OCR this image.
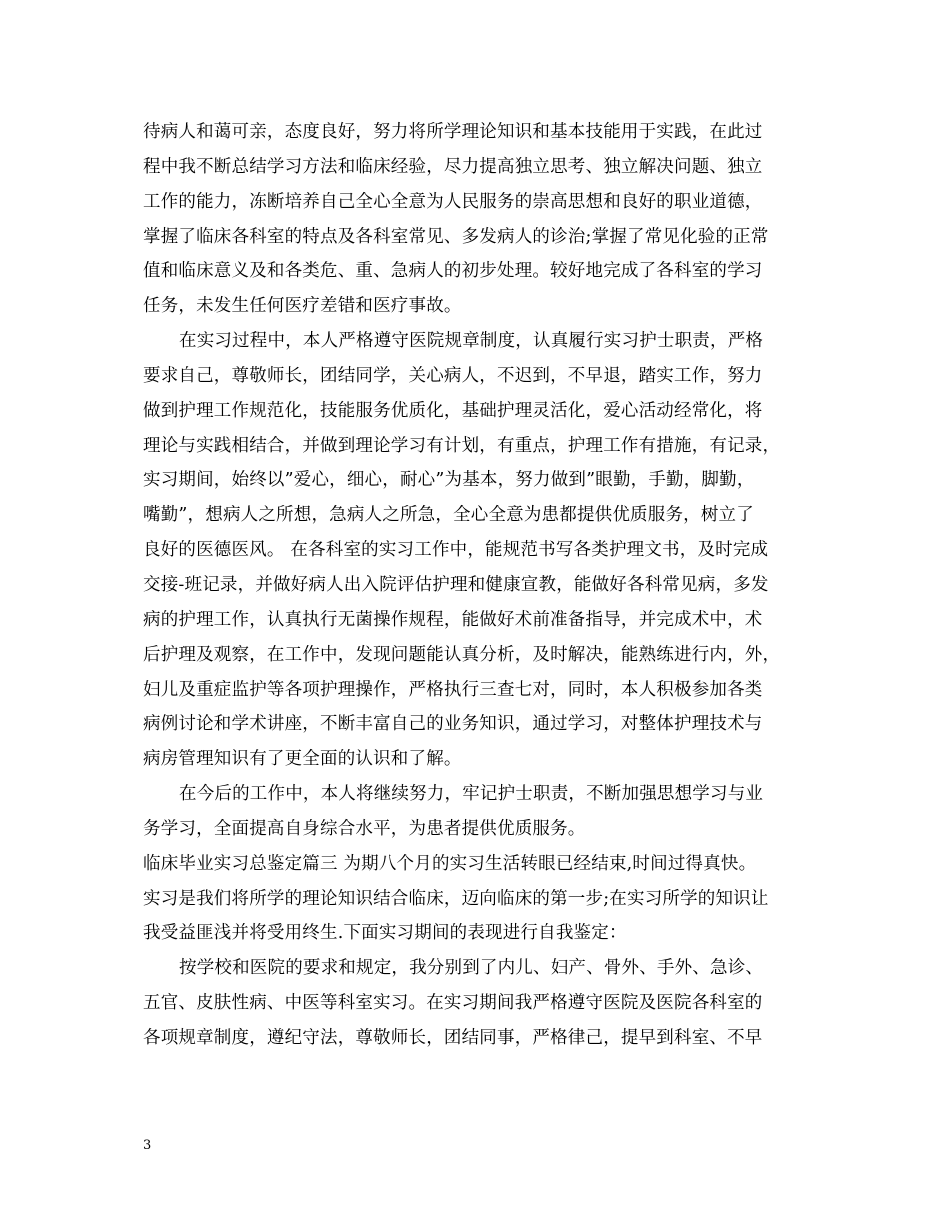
待病人和蔼可亲，态度良好，努力将所学理论知识和基本技能用于实践，在此过
程中我不断总结学习方法和临床经验，尽力提高独立思考、独立解决问题、独立
工作的能力，冻断培养自己全心全意为人民服务的崇高思想和良好的职业道德，
掌握了临床各科室的特点及各科室常见、多发病人的诊治;掌握了常见化验的正常
值和临床意义及和各类危、重、急病人的初步处理。较好地完成了各科室的学习
任务，未发生任何医疗差错和医疗事故。
在实习过程中，本人严格遵守医院规章制度，认真履行实习护士职责，严格
要求自己，尊敬师长，团结同学，关心病人，不迟到，不早退，踏实工作，努力
做到护理工作规范化，技能服务优质化，基础护理灵活化，爱心活动经常化，将
理论与实践相结合，并做到理论学习有计划，有重点，护理工作有措施，有记录，
实习期间，始终以”爱心，细心，耐心”为基本，努力做到”眼勤，手勤，脚勤，
嘴勤”，想病人之所想，急病人之所急，全心全意为患都提供优质服务，树立了
良好的医德医风。 在各科室的实习工作中，能规范书写各类护理文书，及时完成
交接-班记录，并做好病人出入院评估护理和健康宣教，能做好各科常见病，多发
病的护理工作，认真执行无菌操作规程，能做好术前准备指导，并完成术中，术
后护理及观察，在工作中，发现问题能认真分析，及时解决，能熟练进行内，外，
妇儿及重症监护等各项护理操作，严格执行三查七对，同时，本人积极参加各类
病例讨论和学术讲座，不断丰富自己的业务知识，通过学习，对整体护理技术与
病房管理知识有了更全面的认识和了解。
在今后的工作中，本人将继续努力，牢记护士职责，不断加强思想学习与业
务学习，全面提高自身综合水平，为患者提供优质服务。
临床毕业实习总鉴定篇三 为期八个月的实习生活转眼已经结束,时间过得真快。
实习是我们将所学的理论知识结合临床，迈向临床的第一步;在实习所学的知识让
我受益匪浅并将受用终生.下面实习期间的表现进行自我鉴定：
按学校和医院的要求和规定，我分别到了内儿、妇产、骨外、手外、急诊、
五官、皮肤性病、中医等科室实习。在实习期间我严格遵守医院及医院各科室的
各项规章制度，遵纪守法，尊敬师长，团结同事，严格律己，提早到科室、不早
3
